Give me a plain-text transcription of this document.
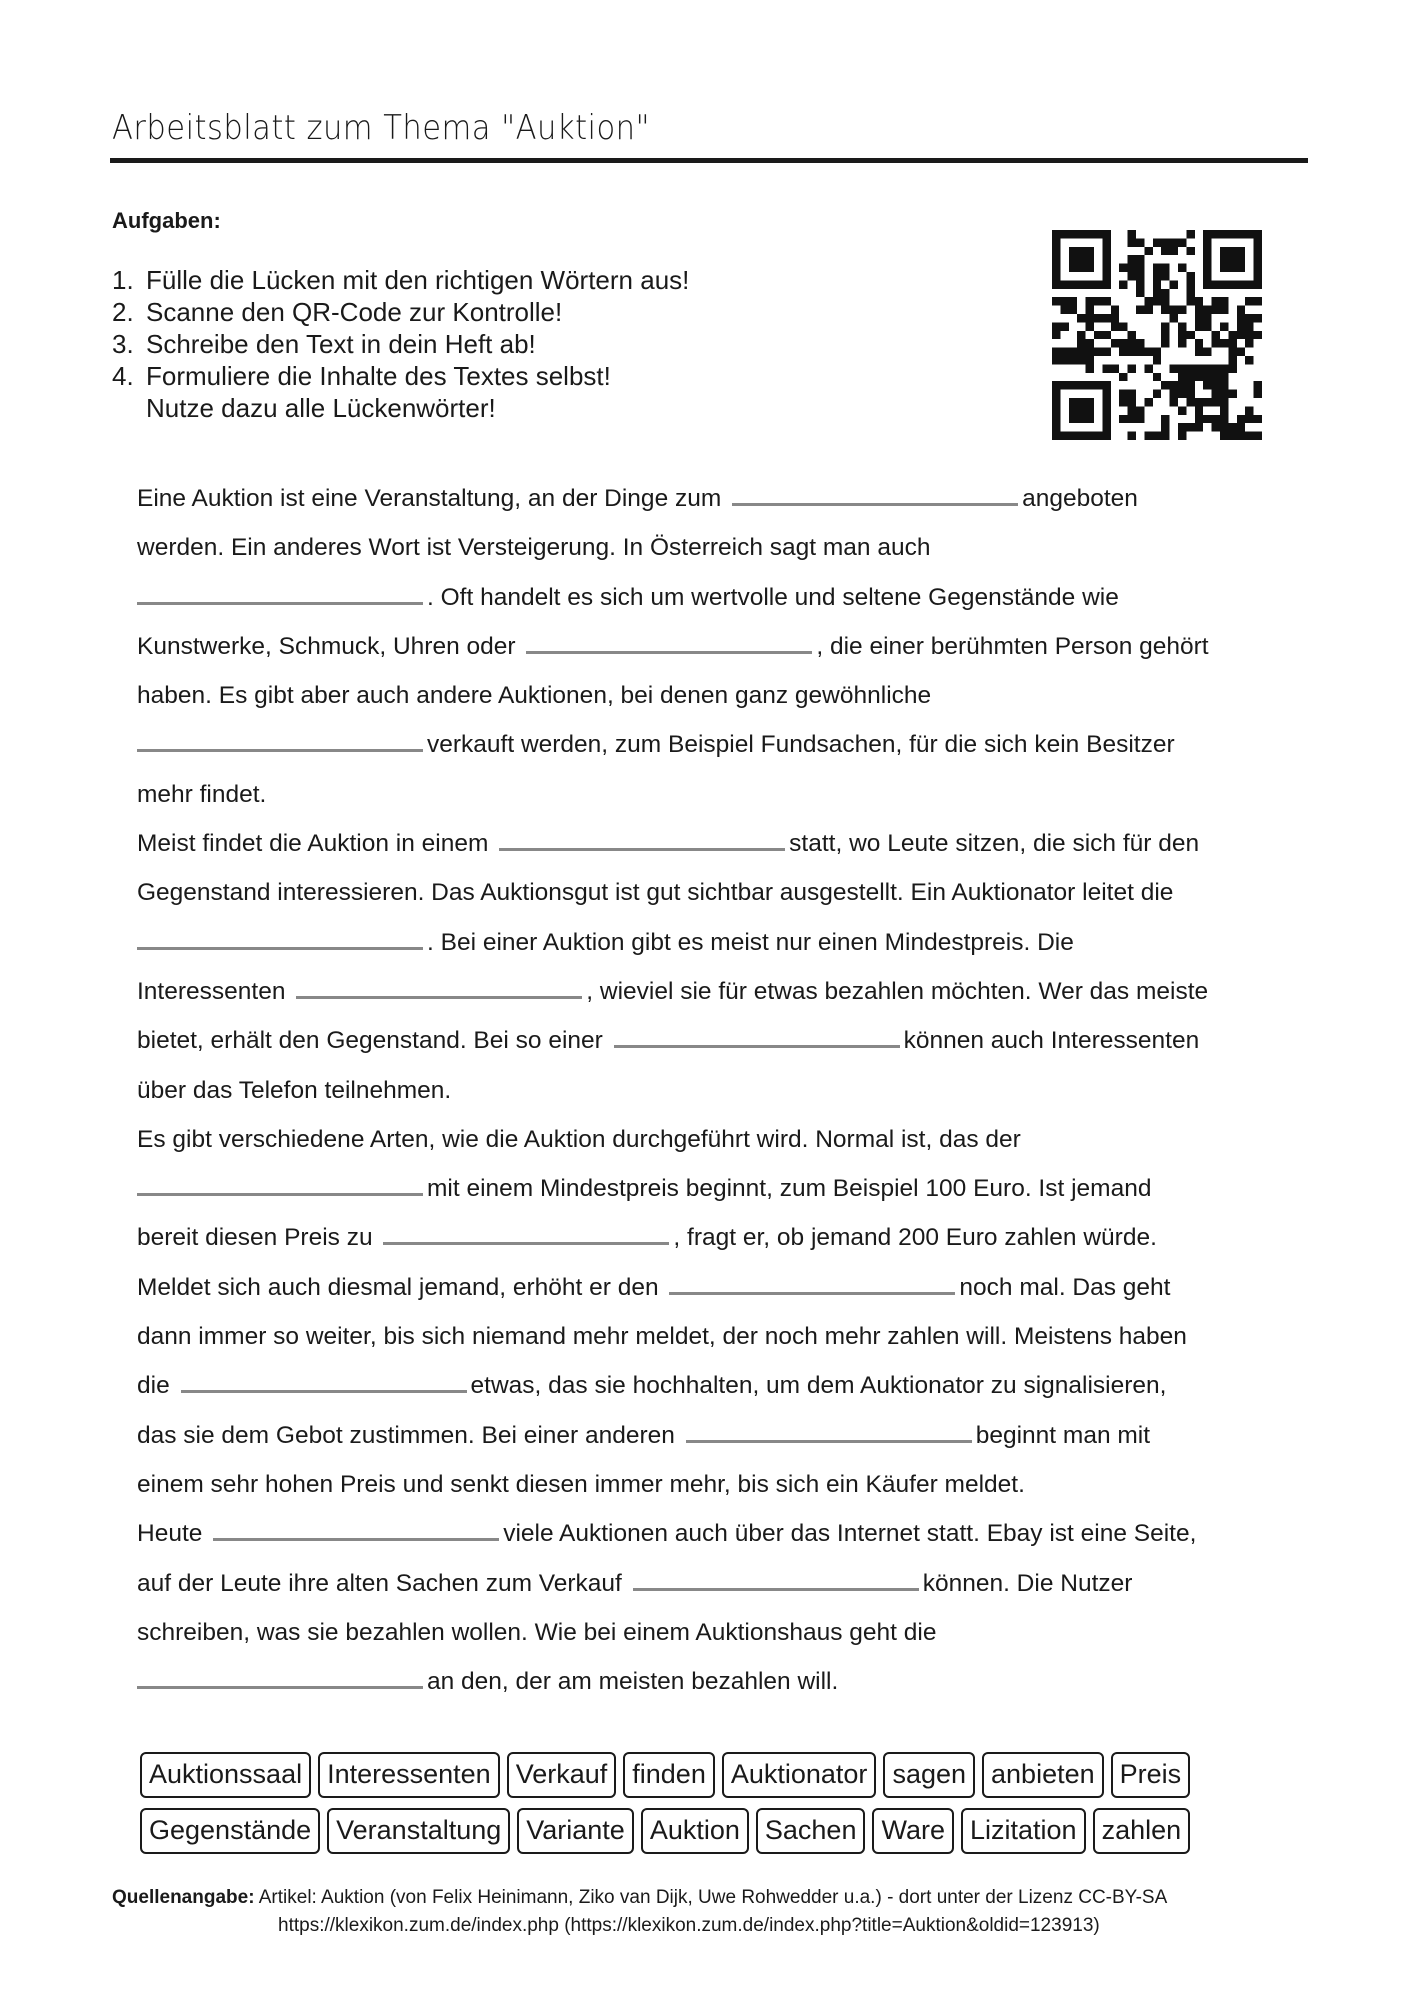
Arbeitsblatt zum Thema "Auktion"
Aufgaben:
1. Fülle die Lücken mit den richtigen Wörtern aus!
2. Scanne den QR-Code zur Kontrolle!
3. Schreibe den Text in dein Heft ab!
4. Formuliere die Inhalte des Textes selbst!
Nutze dazu alle Lückenwörter!
Eine Auktion ist eine Veranstaltung, an der Dinge zum	angeboten
werden. Ein anderes Wort ist Versteigerung. In Österreich sagt man auch
. Oft handelt es sich um wertvolle und seltene Gegenstände wie
Kunstwerke, Schmuck, Uhren oder	, die einer berühmten Person gehört
haben. Es gibt aber auch andere Auktionen, bei denen ganz gewöhnliche
verkauft werden, zum Beispiel Fundsachen, für die sich kein Besitzer
mehr findet.
Meist findet die Auktion in einem	statt, wo Leute sitzen, die sich für den
Gegenstand interessieren. Das Auktionsgut ist gut sichtbar ausgestellt. Ein Auktionator leitet die
. Bei einer Auktion gibt es meist nur einen Mindestpreis. Die
Interessenten	, wieviel sie für etwas bezahlen möchten. Wer das meiste
bietet, erhält den Gegenstand. Bei so einer	können auch Interessenten
über das Telefon teilnehmen.
Es gibt verschiedene Arten, wie die Auktion durchgeführt wird. Normal ist, das der
mit einem Mindestpreis beginnt, zum Beispiel 100 Euro. Ist jemand
bereit diesen Preis zu	, fragt er, ob jemand 200 Euro zahlen würde.
Meldet sich auch diesmal jemand, erhöht er den	noch mal. Das geht
dann immer so weiter, bis sich niemand mehr meldet, der noch mehr zahlen will. Meistens haben
die	etwas, das sie hochhalten, um dem Auktionator zu signalisieren,
das sie dem Gebot zustimmen. Bei einer anderen	beginnt man mit
einem sehr hohen Preis und senkt diesen immer mehr, bis sich ein Käufer meldet.
Heute	viele Auktionen auch über das Internet statt. Ebay ist eine Seite,
auf der Leute ihre alten Sachen zum Verkauf	können. Die Nutzer
schreiben, was sie bezahlen wollen. Wie bei einem Auktionshaus geht die
an den, der am meisten bezahlen will.
Auktionssaal Interessenten Verkauf finden Auktionator sagen anbieten Preis
Gegenstände Veranstaltung Variante Auktion Sachen Ware Lizitation zahlen
Quellenangabe: Artikel: Auktion (von Felix Heinimann, Ziko van Dijk, Uwe Rohwedder u.a.) - dort unter der Lizenz CC-BY-SA
https://klexikon.zum.de/index.php (https://klexikon.zum.de/index.php?title=Auktion&oldid=123913)
